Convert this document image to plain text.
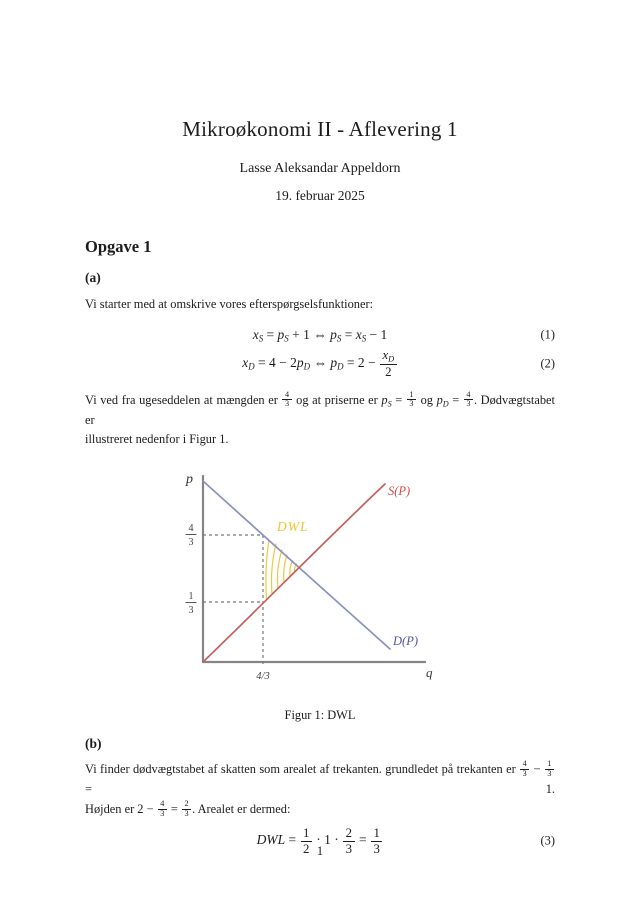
Mikroøkonomi II - Aflevering 1
Lasse Aleksandar Appeldorn
19. februar 2025
Opgave 1
(a)
Vi starter med at omskrive vores efterspørgselsfunktioner:
xS = pS + 1 ⇔ pS = xS − 1	(1)
xD = 4 − 2pD ⇔ pD = $2 - \frac{xD}{2}$	(2)
Vi ved fra ugeseddelen at mængden er $\frac{4}{3}$ og at priserne er pS = $\frac{1}{3}$ og pD = $\frac{4}{3}$ . Dødvægtstabet er
illustreret nedenfor i Figur 1.
p
q
4
3
1
3
4/3
S(P)
D(P)
DWL
Figur 1: DWL
(b)
Vi finder dødvægtstabet af skatten som arealet af trekanten. grundledet på trekanten er $\frac{4}{3} - \frac{1}{3}$
= 1.
Højden er $2 - \frac{4}{3} = \frac{2}{3}$ . Arealet er dermed:
DWL = $\frac{1}{2} \cdot 1 \cdot \frac{2}{3} = \frac{1}{3}$	(3)
1
